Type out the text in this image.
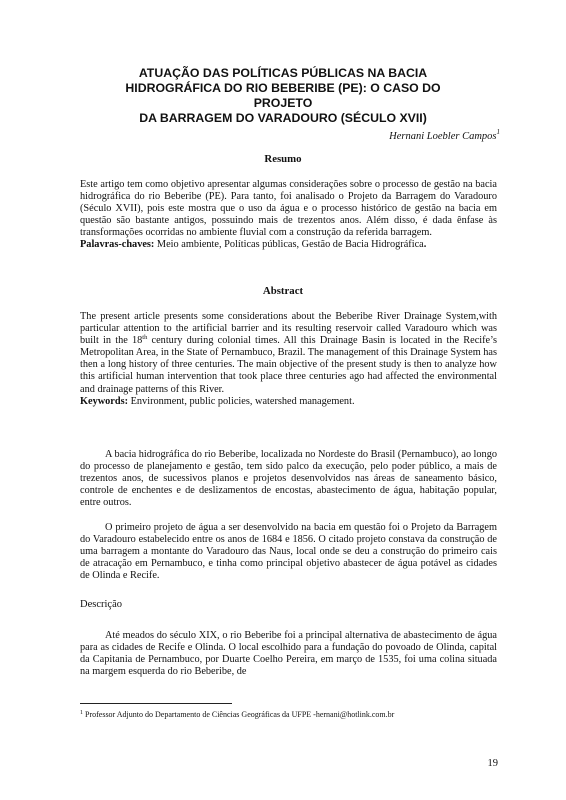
ATUAÇÃO DAS POLÍTICAS PÚBLICAS NA BACIA
HIDROGRÁFICA DO RIO BEBERIBE (PE): O CASO DO PROJETO
DA BARRAGEM DO VARADOURO (SÉCULO XVII)
Hernani Loebler Campos$^1$
Resumo
Este artigo tem como objetivo apresentar algumas considerações sobre o processo de gestão na bacia hidrográfica do rio Beberibe (PE). Para tanto, foi analisado o Projeto da Barragem do Varadouro (Século XVII), pois este mostra que o uso da água e o processo histórico de gestão na bacia em questão são bastante antigos, possuindo mais de trezentos anos. Além disso, é dada ênfase às transformações ocorridas no ambiente fluvial com a construção da referida barragem.
Palavras-chaves: Meio ambiente, Políticas públicas, Gestão de Bacia Hidrográfica.
Abstract
The present article presents some considerations about the Beberibe River Drainage System,with particular attention to the artificial barrier and its resulting reservoir called Varadouro which was built in the 18th century during colonial times. All this Drainage Basin is located in the Recife’s Metropolitan Area, in the State of Pernambuco, Brazil. The management of this Drainage System has then a long history of three centuries. The main objective of the present study is then to analyze how this artificial human intervention that took place three centuries ago had affected the environmental and drainage patterns of this River.
Keywords: Environment, public policies, watershed management.
A bacia hidrográfica do rio Beberibe, localizada no Nordeste do Brasil (Pernambuco), ao longo do processo de planejamento e gestão, tem sido palco da execução, pelo poder público, a mais de trezentos anos, de sucessivos planos e projetos desenvolvidos nas áreas de saneamento básico, controle de enchentes e de deslizamentos de encostas, abastecimento de água, habitação popular, entre outros.
O primeiro projeto de água a ser desenvolvido na bacia em questão foi o Projeto da Barragem do Varadouro estabelecido entre os anos de 1684 e 1856. O citado projeto constava da construção de uma barragem a montante do Varadouro das Naus, local onde se deu a construção do primeiro cais de atracação em Pernambuco, e tinha como principal objetivo abastecer de água potável as cidades de Olinda e Recife.
Descrição
Até meados do século XIX, o rio Beberibe foi a principal alternativa de abastecimento de água para as cidades de Recife e Olinda. O local escolhido para a fundação do povoado de Olinda, capital da Capitania de Pernambuco, por Duarte Coelho Pereira, em março de 1535, foi uma colina situada na margem esquerda do rio Beberibe, de
$^1$ Professor Adjunto do Departamento de Ciências Geográficas da UFPE -hernani@hotlink.com.br
19
